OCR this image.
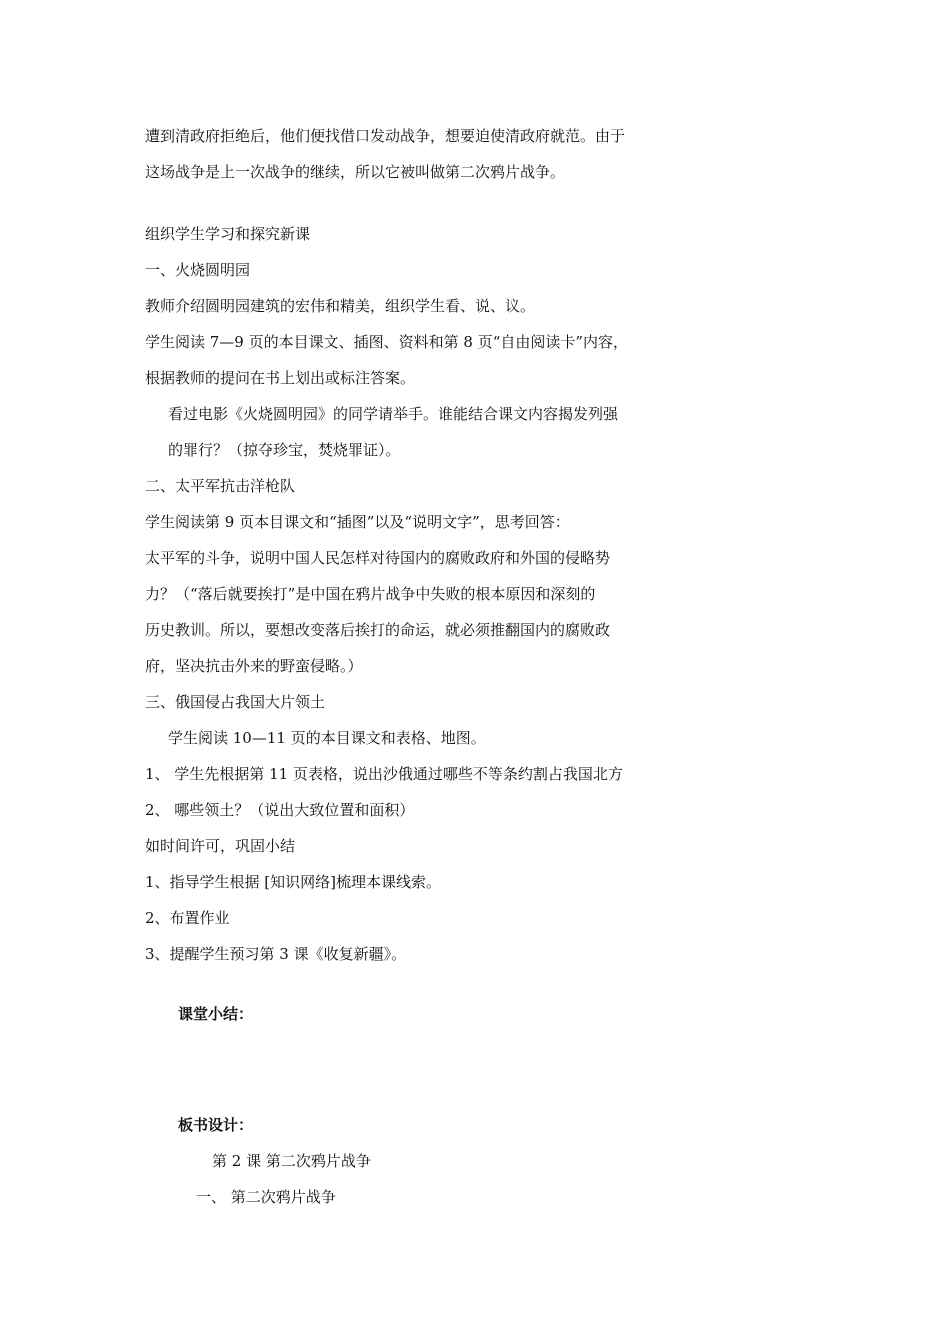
遭到清政府拒绝后，他们便找借口发动战争，想要迫使清政府就范。由于
这场战争是上一次战争的继续，所以它被叫做第二次鸦片战争。
组织学生学习和探究新课
一、火烧圆明园
教师介绍圆明园建筑的宏伟和精美，组织学生看、说、议。
学生阅读 7—9 页的本目课文、插图、资料和第 8 页“自由阅读卡”内容，
根据教师的提问在书上划出或标注答案。
看过电影《火烧圆明园》的同学请举手。谁能结合课文内容揭发列强
的罪行？（掠夺珍宝，焚烧罪证）。
二、太平军抗击洋枪队
学生阅读第 9 页本目课文和“插图”以及“说明文字”，思考回答：
太平军的斗争，说明中国人民怎样对待国内的腐败政府和外国的侵略势
力？（“落后就要挨打”是中国在鸦片战争中失败的根本原因和深刻的
历史教训。所以，要想改变落后挨打的命运，就必须推翻国内的腐败政
府，坚决抗击外来的野蛮侵略。）
三、俄国侵占我国大片领土
学生阅读 10—11 页的本目课文和表格、地图。
1、 学生先根据第 11 页表格，说出沙俄通过哪些不等条约割占我国北方
2、 哪些领土？（说出大致位置和面积）
如时间许可，巩固小结
1、指导学生根据 [知识网络]梳理本课线索。
2、布置作业
3、提醒学生预习第 3 课《收复新疆》。
课堂小结：
板书设计：
第 2 课 第二次鸦片战争
一、 第二次鸦片战争
